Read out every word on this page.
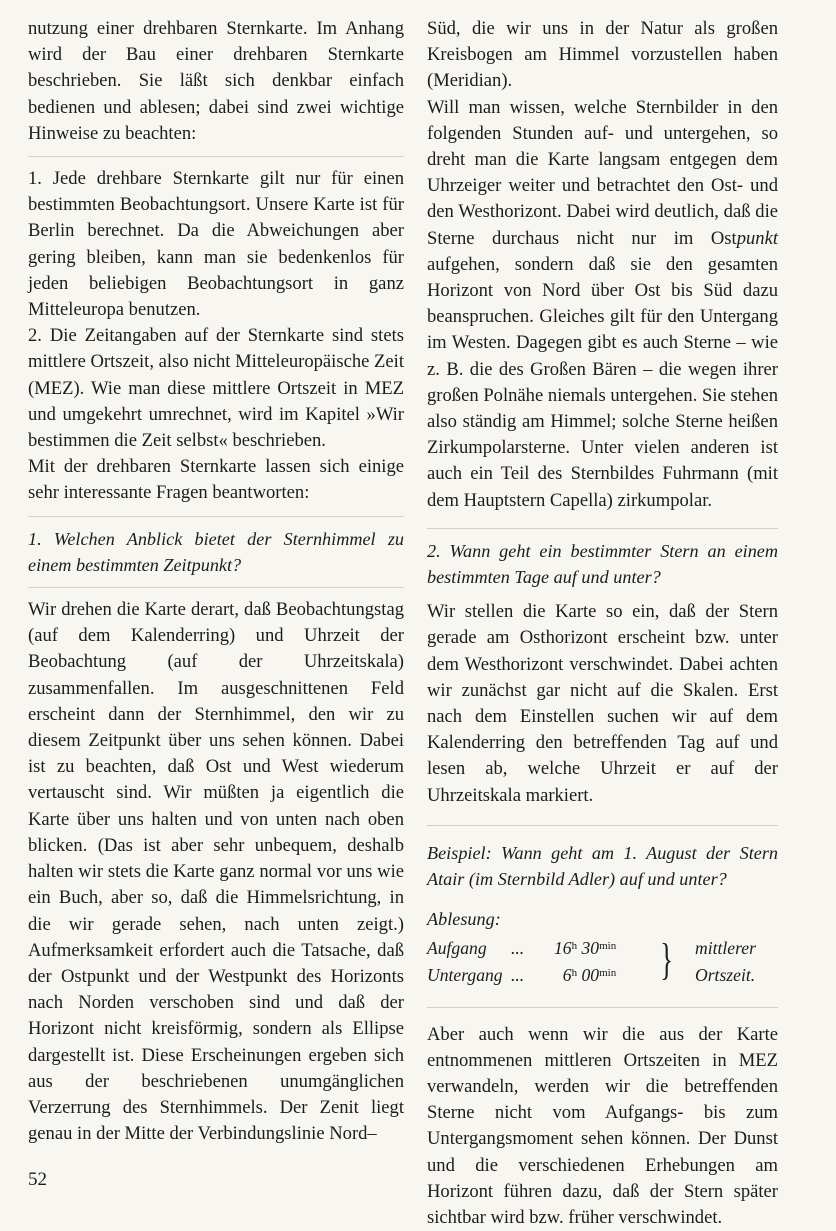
nutzung einer drehbaren Sternkarte. Im Anhang wird der Bau einer drehbaren Sternkarte beschrieben. Sie läßt sich denkbar einfach bedienen und ablesen; dabei sind zwei wichtige Hinweise zu beachten:

1. Jede drehbare Sternkarte gilt nur für einen bestimmten Beobachtungsort. Unsere Karte ist für Berlin berechnet. Da die Abweichungen aber gering bleiben, kann man sie bedenkenlos für jeden beliebigen Beobachtungsort in ganz Mitteleuropa benutzen.

2. Die Zeitangaben auf der Sternkarte sind stets mittlere Ortszeit, also nicht Mitteleuropäische Zeit (MEZ). Wie man diese mittlere Ortszeit in MEZ und umgekehrt umrechnet, wird im Kapitel »Wir bestimmen die Zeit selbst« beschrieben.

Mit der drehbaren Sternkarte lassen sich einige sehr interessante Fragen beantworten:

1. Welchen Anblick bietet der Sternhimmel zu einem bestimmten Zeitpunkt?

Wir drehen die Karte derart, daß Beobachtungstag (auf dem Kalenderring) und Uhrzeit der Beobachtung (auf der Uhrzeitskala) zusammenfallen. Im ausgeschnittenen Feld erscheint dann der Sternhimmel, den wir zu diesem Zeitpunkt über uns sehen können. Dabei ist zu beachten, daß Ost und West wiederum vertauscht sind. Wir müßten ja eigentlich die Karte über uns halten und von unten nach oben blicken. (Das ist aber sehr unbequem, deshalb halten wir stets die Karte ganz normal vor uns wie ein Buch, aber so, daß die Himmelsrichtung, in die wir gerade sehen, nach unten zeigt.) Aufmerksamkeit erfordert auch die Tatsache, daß der Ostpunkt und der Westpunkt des Horizonts nach Norden verschoben sind und daß der Horizont nicht kreisförmig, sondern als Ellipse dargestellt ist. Diese Erscheinungen ergeben sich aus der beschriebenen unumgänglichen Verzerrung des Sternhimmels. Der Zenit liegt genau in der Mitte der Verbindungslinie Nord–

Süd, die wir uns in der Natur als großen Kreisbogen am Himmel vorzustellen haben (Meridian).

Will man wissen, welche Sternbilder in den folgenden Stunden auf- und untergehen, so dreht man die Karte langsam entgegen dem Uhrzeiger weiter und betrachtet den Ost- und den Westhorizont. Dabei wird deutlich, daß die Sterne durchaus nicht nur im Ostpunkt aufgehen, sondern daß sie den gesamten Horizont von Nord über Ost bis Süd dazu beanspruchen. Gleiches gilt für den Untergang im Westen. Dagegen gibt es auch Sterne – wie z. B. die des Großen Bären – die wegen ihrer großen Polnähe niemals untergehen. Sie stehen also ständig am Himmel; solche Sterne heißen Zirkumpolarsterne. Unter vielen anderen ist auch ein Teil des Sternbildes Fuhrmann (mit dem Hauptstern Capella) zirkumpolar.

2. Wann geht ein bestimmter Stern an einem bestimmten Tage auf und unter?

Wir stellen die Karte so ein, daß der Stern gerade am Osthorizont erscheint bzw. unter dem Westhorizont verschwindet. Dabei achten wir zunächst gar nicht auf die Skalen. Erst nach dem Einstellen suchen wir auf dem Kalenderring den betreffenden Tag auf und lesen ab, welche Uhrzeit er auf der Uhrzeitskala markiert.

Beispiel: Wann geht am 1. August der Stern Atair (im Sternbild Adler) auf und unter?

Ablesung:

Aufgang ... 16$^h$ $30^{min}$
Untergang ...	6$^h$ $00^{min}$ } mittlerer
Ortszeit.

Aber auch wenn wir die aus der Karte entnommenen mittleren Ortszeiten in MEZ verwandeln, werden wir die betreffenden Sterne nicht vom Aufgangs- bis zum Untergangsmoment sehen können. Der Dunst und die verschiedenen Erhebungen am Horizont führen dazu, daß der Stern später sichtbar wird bzw. früher verschwindet.

52
